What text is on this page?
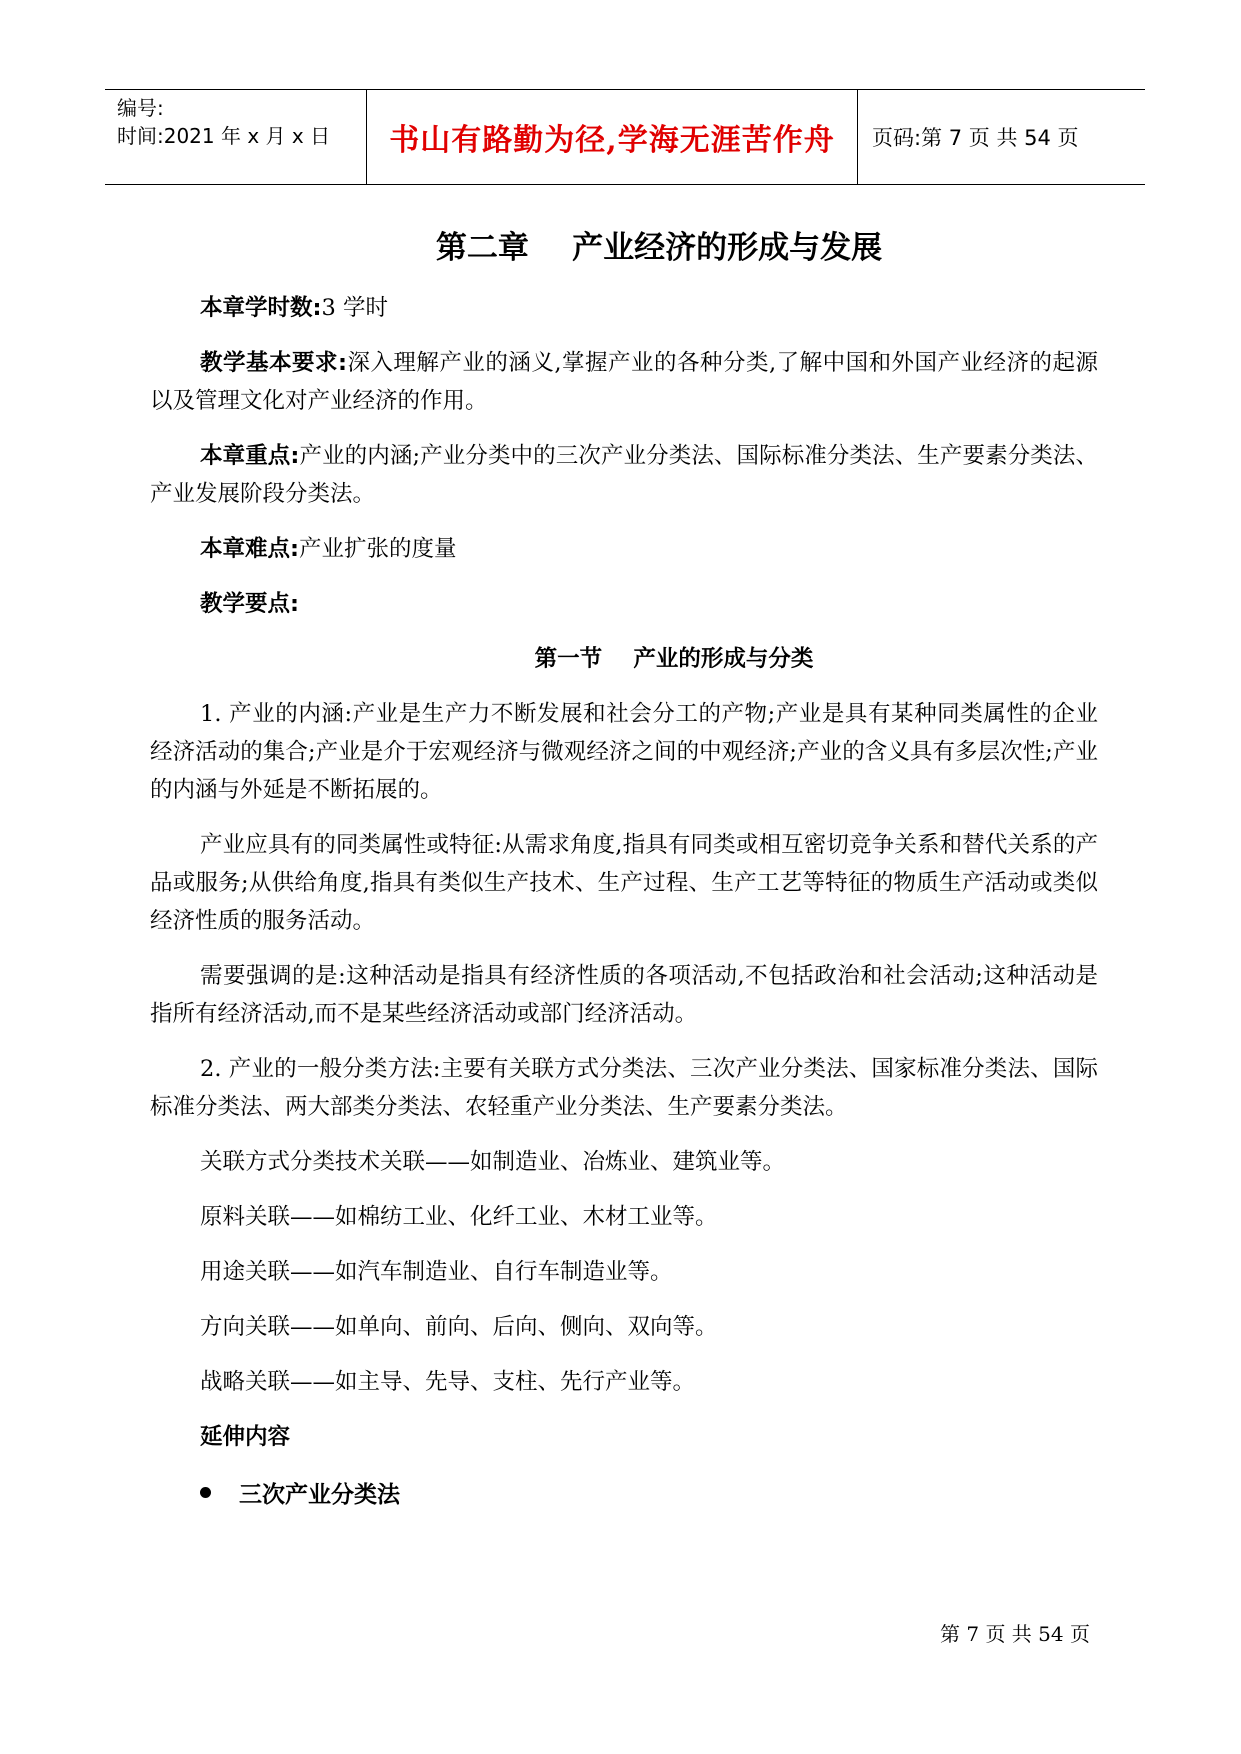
编号:
时间:2021 年 x 月 x 日	书山有路勤为径,学海无涯苦作舟 页码:第 7 页 共 54 页
第二章    产业经济的形成与发展

本章学时数:3 学时

教学基本要求:深入理解产业的涵义,掌握产业的各种分类,了解中国和外国产业经济的起源以及管理文化对产业经济的作用。

本章重点:产业的内涵;产业分类中的三次产业分类法、国际标准分类法、生产要素分类法、产业发展阶段分类法。

本章难点:产业扩张的度量

教学要点:

第一节    产业的形成与分类

1. 产业的内涵:产业是生产力不断发展和社会分工的产物;产业是具有某种同类属性的企业经济活动的集合;产业是介于宏观经济与微观经济之间的中观经济;产业的含义具有多层次性;产业的内涵与外延是不断拓展的。

产业应具有的同类属性或特征:从需求角度,指具有同类或相互密切竞争关系和替代关系的产品或服务;从供给角度,指具有类似生产技术、生产过程、生产工艺等特征的物质生产活动或类似经济性质的服务活动。

需要强调的是:这种活动是指具有经济性质的各项活动,不包括政治和社会活动;这种活动是指所有经济活动,而不是某些经济活动或部门经济活动。

2. 产业的一般分类方法:主要有关联方式分类法、三次产业分类法、国家标准分类法、国际标准分类法、两大部类分类法、农轻重产业分类法、生产要素分类法。

关联方式分类技术关联——如制造业、冶炼业、建筑业等。

原料关联——如棉纺工业、化纤工业、木材工业等。

用途关联——如汽车制造业、自行车制造业等。

方向关联——如单向、前向、后向、侧向、双向等。

战略关联——如主导、先导、支柱、先行产业等。

延伸内容

三次产业分类法
第 7 页 共 54 页
